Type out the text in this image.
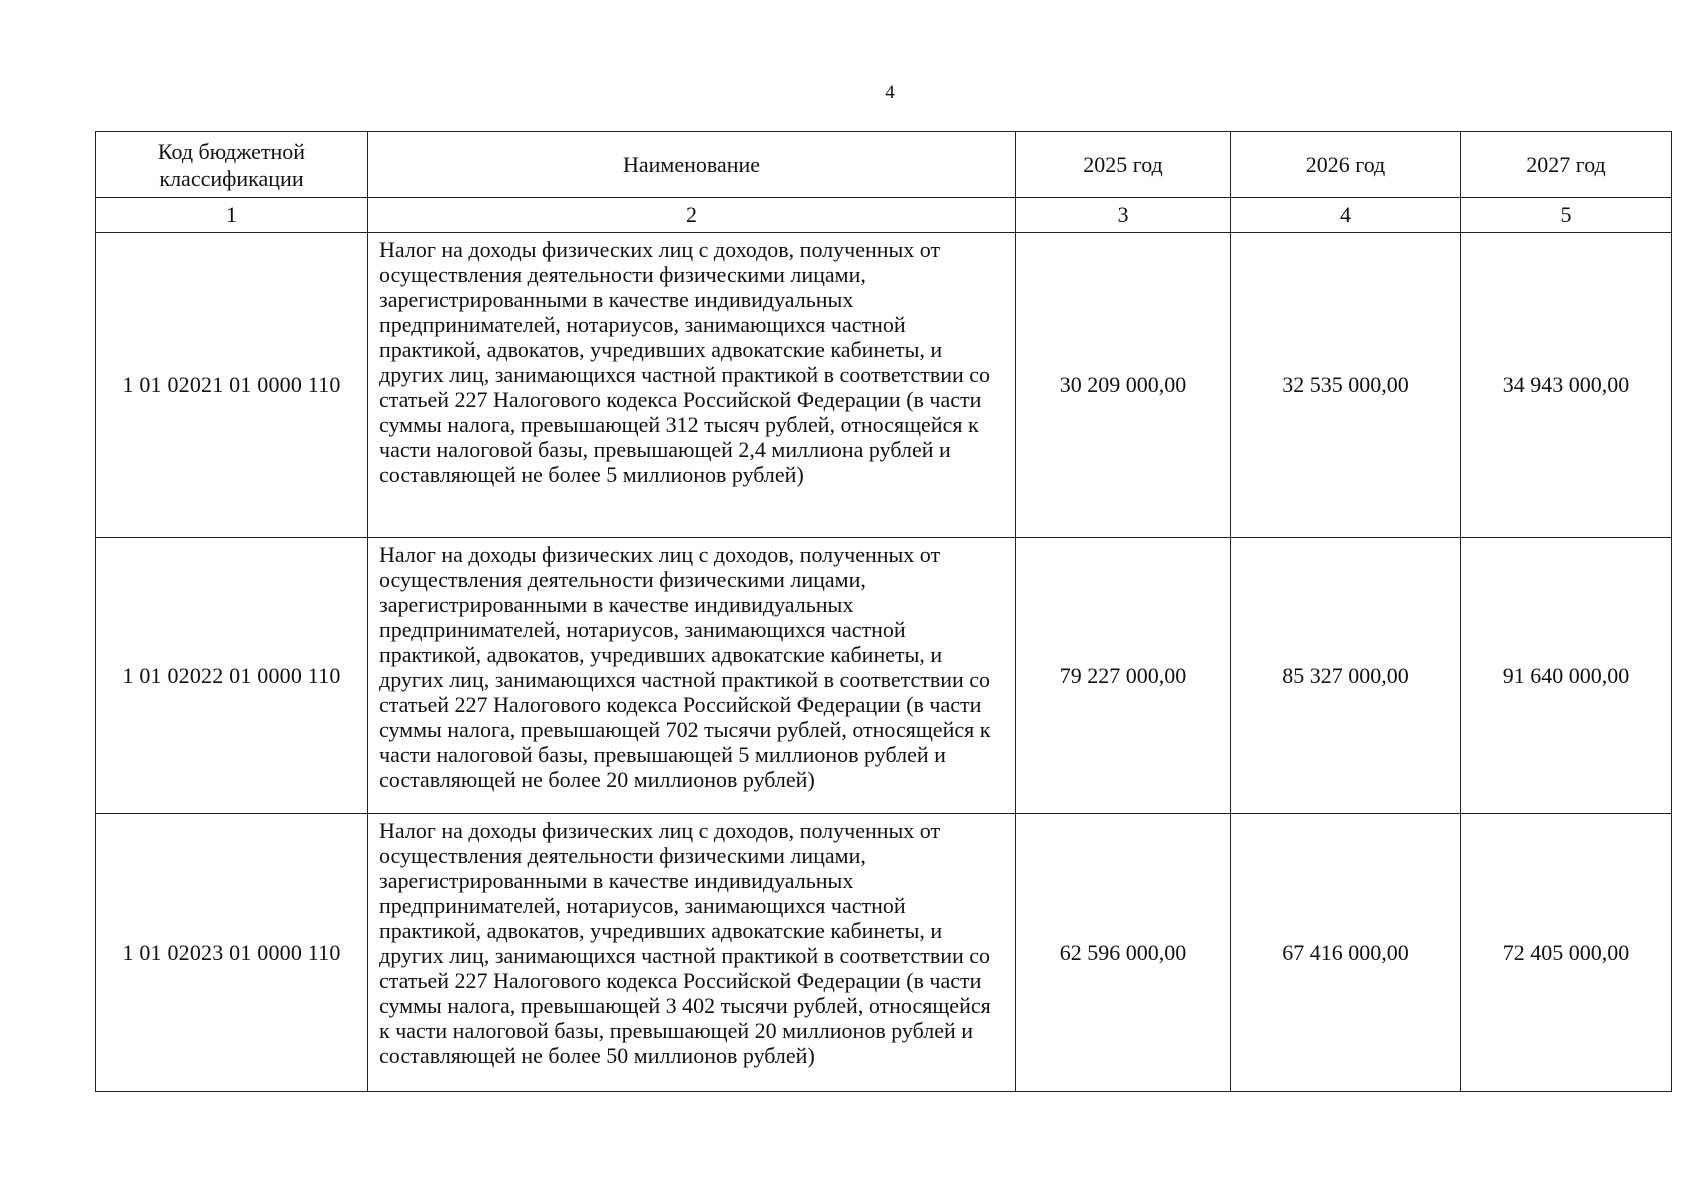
4
Код бюджетной классификации	Наименование	2025 год	2026 год	2027 год
1	2	3	4	5
1 01 02021 01 0000 110	Налог на доходы физических лиц с доходов, полученных от осуществления деятельности физическими лицами, зарегистрированными в качестве индивидуальных предпринимателей, нотариусов, занимающихся частной практикой, адвокатов, учредивших адвокатские кабинеты, и других лиц, занимающихся частной практикой в соответствии со статьей 227 Налогового кодекса Российской Федерации (в части суммы налога, превышающей 312 тысяч рублей, относящейся к части налоговой базы, превышающей 2,4 миллиона рублей и составляющей не более 5 миллионов рублей)	30 209 000,00	32 535 000,00	34 943 000,00
1 01 02022 01 0000 110	Налог на доходы физических лиц с доходов, полученных от осуществления деятельности физическими лицами, зарегистрированными в качестве индивидуальных предпринимателей, нотариусов, занимающихся частной практикой, адвокатов, учредивших адвокатские кабинеты, и других лиц, занимающихся частной практикой в соответствии со статьей 227 Налогового кодекса Российской Федерации (в части суммы налога, превышающей 702 тысячи рублей, относящейся к части налоговой базы, превышающей 5 миллионов рублей и составляющей не более 20 миллионов рублей)	79 227 000,00	85 327 000,00	91 640 000,00
1 01 02023 01 0000 110	Налог на доходы физических лиц с доходов, полученных от осуществления деятельности физическими лицами, зарегистрированными в качестве индивидуальных предпринимателей, нотариусов, занимающихся частной практикой, адвокатов, учредивших адвокатские кабинеты, и других лиц, занимающихся частной практикой в соответствии со статьей 227 Налогового кодекса Российской Федерации (в части суммы налога, превышающей 3 402 тысячи рублей, относящейся к части налоговой базы, превышающей 20 миллионов рублей и составляющей не более 50 миллионов рублей)	62 596 000,00	67 416 000,00	72 405 000,00
